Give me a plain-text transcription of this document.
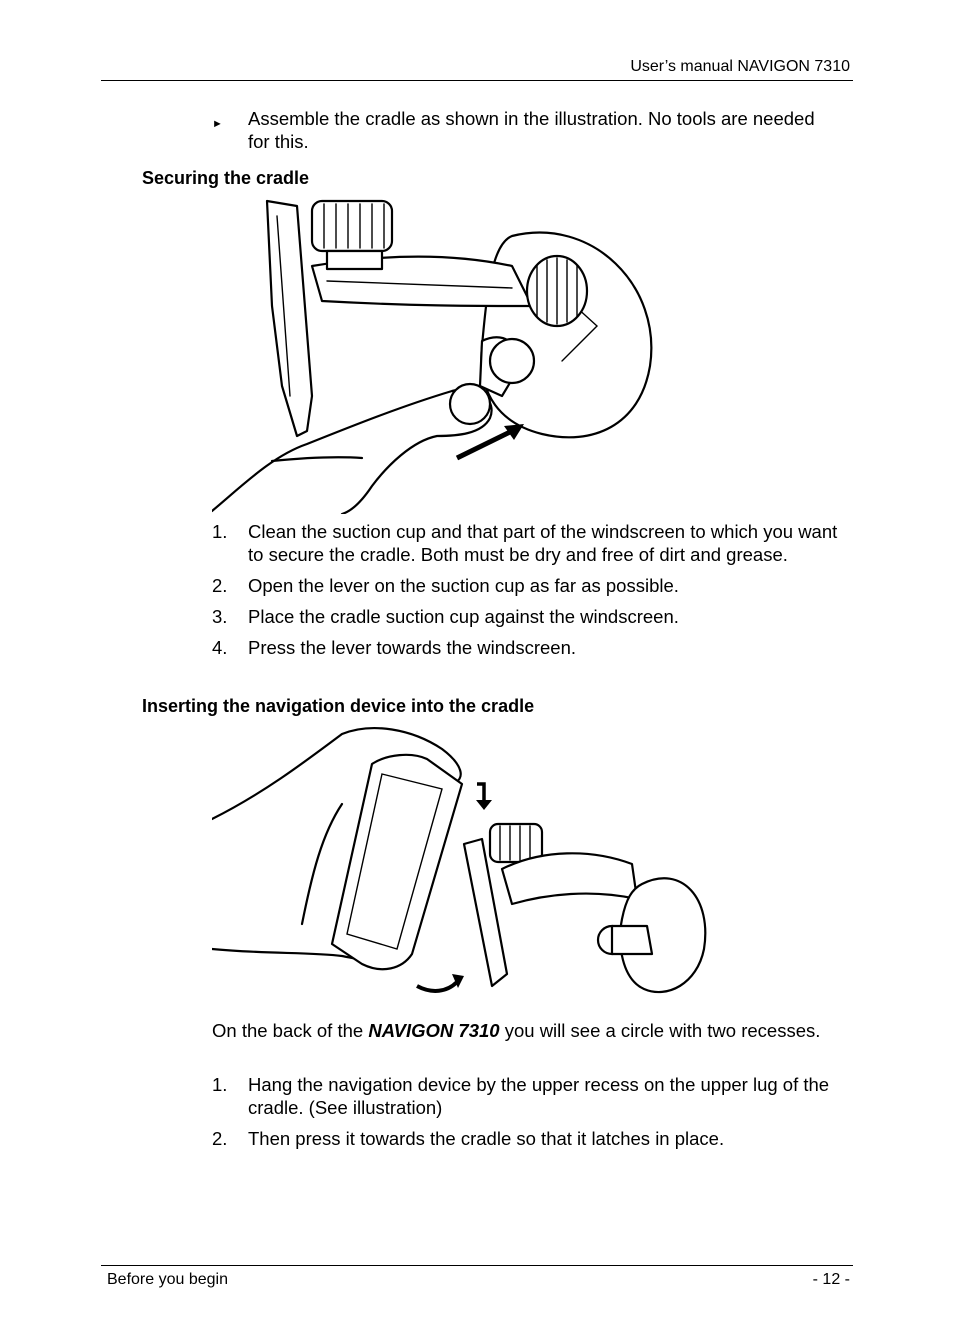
User’s manual NAVIGON 7310
► Assemble the cradle as shown in the illustration. No tools are needed for this.
Securing the cradle
1. Clean the suction cup and that part of the windscreen to which you want to secure the cradle. Both must be dry and free of dirt and grease.
2. Open the lever on the suction cup as far as possible.
3. Place the cradle suction cup against the windscreen.
4. Press the lever towards the windscreen.
Inserting the navigation device into the cradle
On the back of the NAVIGON 7310 you will see a circle with two recesses.
1. Hang the navigation device by the upper recess on the upper lug of the cradle. (See illustration)
2. Then press it towards the cradle so that it latches in place.
Before you begin	- 12 -
